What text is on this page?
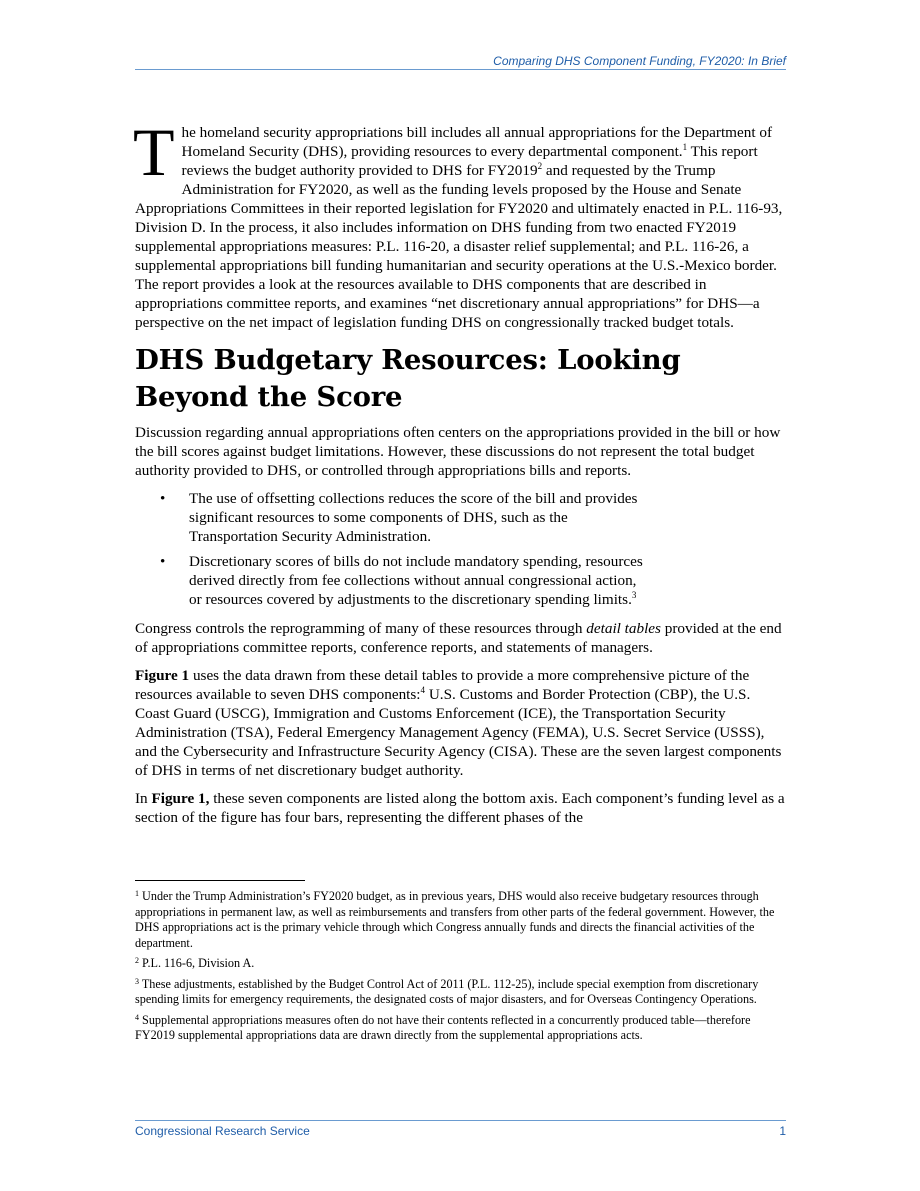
Comparing DHS Component Funding, FY2020: In Brief

The homeland security appropriations bill includes all annual appropriations for the Department of Homeland Security (DHS), providing resources to every departmental component.$^1$ This report reviews the budget authority provided to DHS for FY2019$^2$ and requested by the Trump Administration for FY2020, as well as the funding levels proposed by the House and Senate Appropriations Committees in their reported legislation for FY2020 and ultimately enacted in P.L. 116-93, Division D. In the process, it also includes information on DHS funding from two enacted FY2019 supplemental appropriations measures: P.L. 116-20, a disaster relief supplemental; and P.L. 116-26, a supplemental appropriations bill funding humanitarian and security operations at the U.S.-Mexico border. The report provides a look at the resources available to DHS components that are described in appropriations committee reports, and examines “net discretionary annual appropriations” for DHS—a perspective on the net impact of legislation funding DHS on congressionally tracked budget totals.

DHS Budgetary Resources: Looking Beyond the Score

Discussion regarding annual appropriations often centers on the appropriations provided in the bill or how the bill scores against budget limitations. However, these discussions do not represent the total budget authority provided to DHS, or controlled through appropriations bills and reports.

• The use of offsetting collections reduces the score of the bill and provides significant resources to some components of DHS, such as the Transportation Security Administration.
• Discretionary scores of bills do not include mandatory spending, resources derived directly from fee collections without annual congressional action, or resources covered by adjustments to the discretionary spending limits.$^3$

Congress controls the reprogramming of many of these resources through detail tables provided at the end of appropriations committee reports, conference reports, and statements of managers.

Figure 1 uses the data drawn from these detail tables to provide a more comprehensive picture of the resources available to seven DHS components:$^4$ U.S. Customs and Border Protection (CBP), the U.S. Coast Guard (USCG), Immigration and Customs Enforcement (ICE), the Transportation Security Administration (TSA), Federal Emergency Management Agency (FEMA), U.S. Secret Service (USSS), and the Cybersecurity and Infrastructure Security Agency (CISA). These are the seven largest components of DHS in terms of net discretionary budget authority.

In Figure 1, these seven components are listed along the bottom axis. Each component’s funding level as a section of the figure has four bars, representing the different phases of the

$^1$ Under the Trump Administration’s FY2020 budget, as in previous years, DHS would also receive budgetary resources through appropriations in permanent law, as well as reimbursements and transfers from other parts of the federal government. However, the DHS appropriations act is the primary vehicle through which Congress annually funds and directs the financial activities of the department.

$^2$ P.L. 116-6, Division A.

$^3$ These adjustments, established by the Budget Control Act of 2011 (P.L. 112-25), include special exemption from discretionary spending limits for emergency requirements, the designated costs of major disasters, and for Overseas Contingency Operations.

$^4$ Supplemental appropriations measures often do not have their contents reflected in a concurrently produced table—therefore FY2019 supplemental appropriations data are drawn directly from the supplemental appropriations acts.

Congressional Research Service	1
